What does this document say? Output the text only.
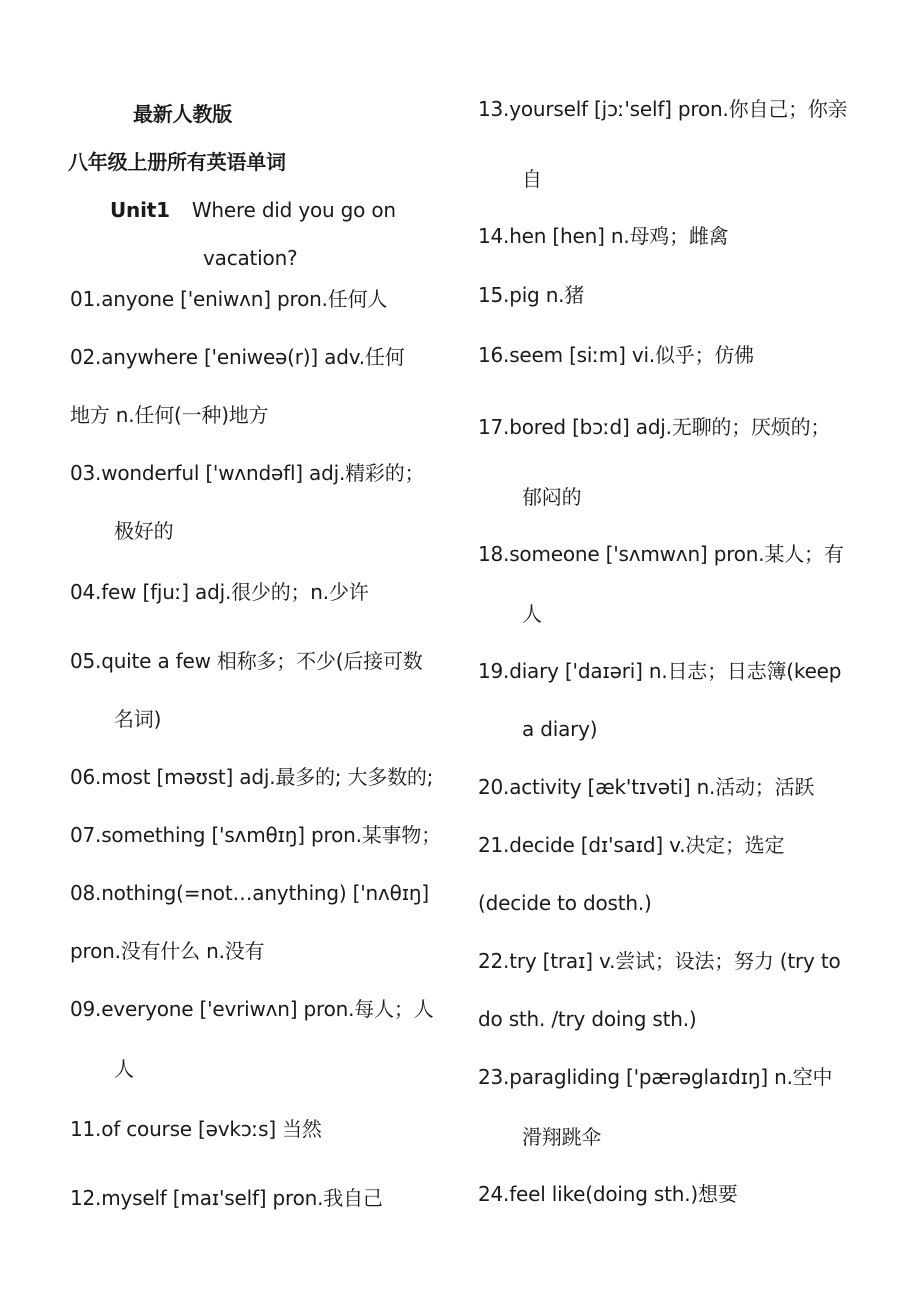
最新人教版
八年级上册所有英语单词
Unit1 Where did you go on
vacation?
01.anyone ['eniwʌn] pron.任何人
02.anywhere ['eniweə(r)] adv.任何
地方 n.任何(一种)地方
03.wonderful ['wʌndəfl] adj.精彩的；
极好的
04.few [fjuː] adj.很少的；n.少许
05.quite a few 相称多；不少(后接可数
名词)
06.most [məʊst] adj.最多的; 大多数的;
07.something ['sʌmθɪŋ] pron.某事物；
08.nothing(=not…anything) ['nʌθɪŋ]
pron.没有什么 n.没有
09.everyone ['evriwʌn] pron.每人；人
人
11.of course [əvkɔːs] 当然
12.myself [maɪ'self] pron.我自己
13.yourself [jɔː'self] pron.你自己；你亲
自
14.hen [hen] n.母鸡；雌禽
15.pig n.猪
16.seem [siːm] vi.似乎；仿佛
17.bored [bɔːd] adj.无聊的；厌烦的；
郁闷的
18.someone ['sʌmwʌn] pron.某人；有
人
19.diary ['daɪəri] n.日志；日志簿(keep
a diary)
20.activity [æk'tɪvəti] n.活动；活跃
21.decide [dɪ'saɪd] v.决定；选定
(decide to dosth.)
22.try [traɪ] v.尝试；设法；努力 (try to
do sth. /try doing sth.)
23.paragliding ['pærəglaɪdɪŋ] n.空中
滑翔跳伞
24.feel like(doing sth.)想要
